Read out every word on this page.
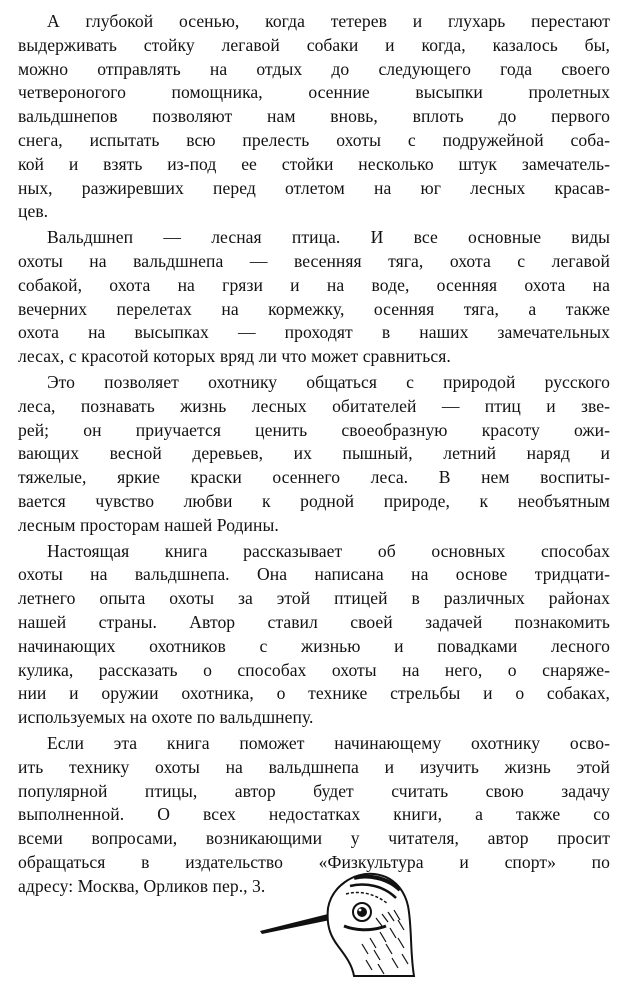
А глубокой осенью, когда тетерев и глухарь перестают
выдерживать стойку легавой собаки и когда, казалось бы,
можно отправлять на отдых до следующего года своего
четвероногого помощника, осенние высыпки пролетных
вальдшнепов позволяют нам вновь, вплоть до первого
снега, испытать всю прелесть охоты с подружейной соба-
кой и взять из-под ее стойки несколько штук замечатель-
ных, разжиревших перед отлетом на юг лесных красав-
цев.
Вальдшнеп — лесная птица. И все основные виды
охоты на вальдшнепа — весенняя тяга, охота с легавой
собакой, охота на грязи и на воде, осенняя охота на
вечерних перелетах на кормежку, осенняя тяга, а также
охота на высыпках — проходят в наших замечательных
лесах, с красотой которых вряд ли что может сравниться.
Это позволяет охотнику общаться с природой русского
леса, познавать жизнь лесных обитателей — птиц и зве-
рей; он приучается ценить своеобразную красоту ожи-
вающих весной деревьев, их пышный, летний наряд и
тяжелые, яркие краски осеннего леса. В нем воспиты-
вается чувство любви к родной природе, к необъятным
лесным просторам нашей Родины.
Настоящая книга рассказывает об основных способах
охоты на вальдшнепа. Она написана на основе тридцати-
летнего опыта охоты за этой птицей в различных районах
нашей страны. Автор ставил своей задачей познакомить
начинающих охотников с жизнью и повадками лесного
кулика, рассказать о способах охоты на него, о снаряже-
нии и оружии охотника, о технике стрельбы и о собаках,
используемых на охоте по вальдшнепу.
Если эта книга поможет начинающему охотнику осво-
ить технику охоты на вальдшнепа и изучить жизнь этой
популярной птицы, автор будет считать свою задачу
выполненной. О всех недостатках книги, а также со
всеми вопросами, возникающими у читателя, автор просит
обращаться в издательство «Физкультура и спорт» по
адресу: Москва, Орликов пер., 3.
